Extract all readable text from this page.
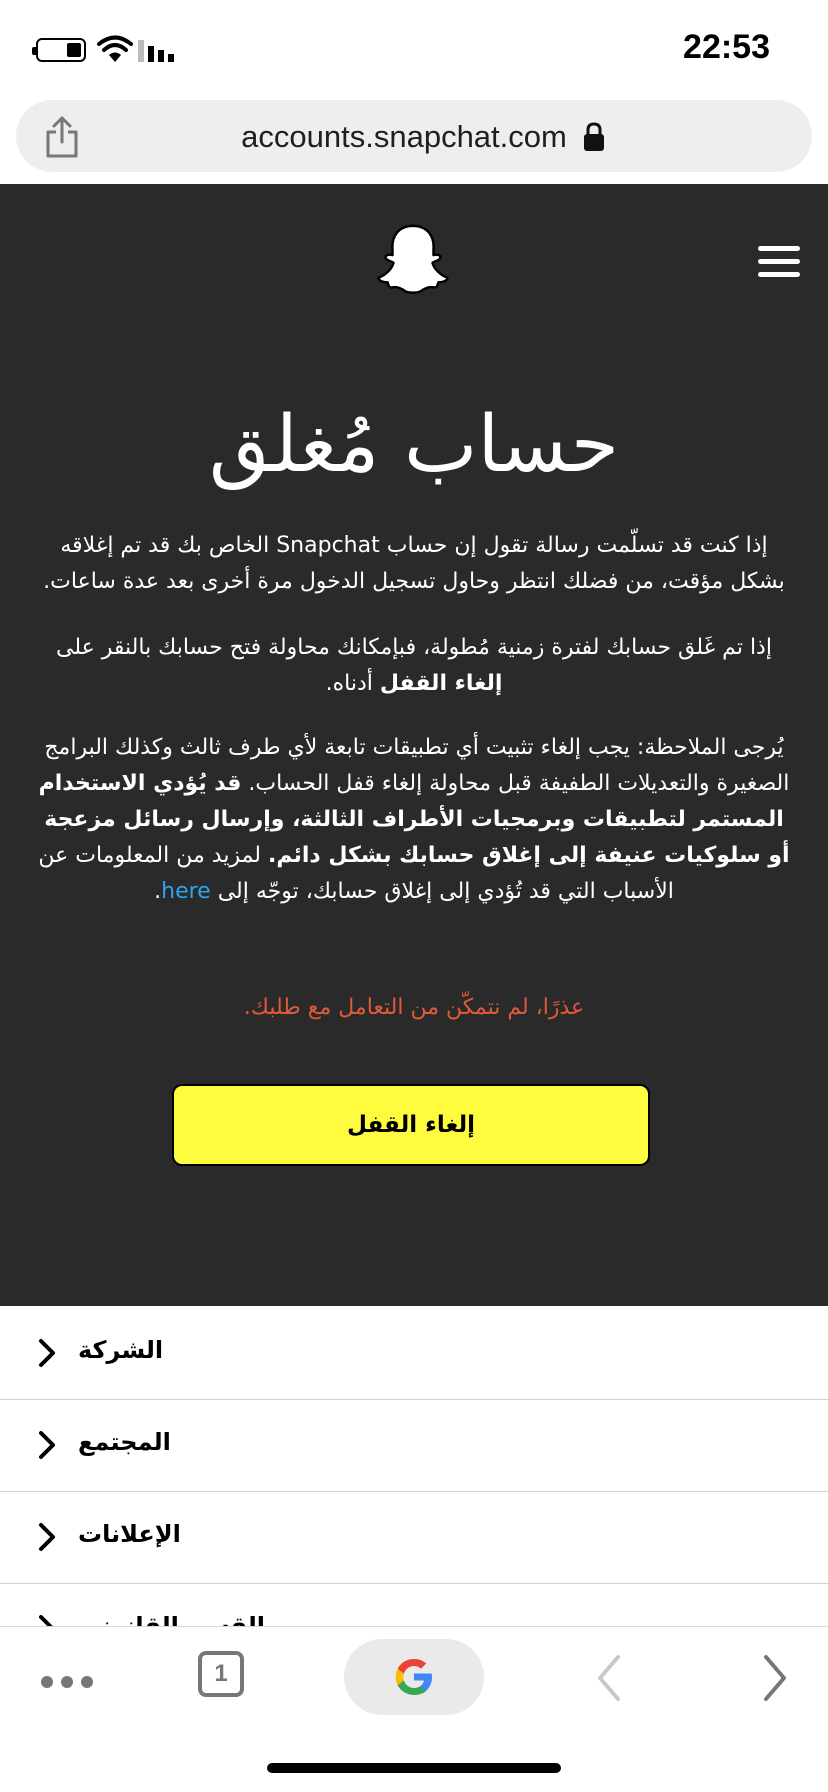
22:53
accounts.snapchat.com
حساب مُغلق
إذا كنت قد تسلّمت رسالة تقول إن حساب Snapchat الخاص بك قد تم إغلاقه بشكل مؤقت، من فضلك انتظر وحاول تسجيل الدخول مرة أخرى بعد عدة ساعات.
إذا تم غَلق حسابك لفترة زمنية مُطولة، فبإمكانك محاولة فتح حسابك بالنقر على إلغاء القفل أدناه.
يُرجى الملاحظة: يجب إلغاء تثبيت أي تطبيقات تابعة لأي طرف ثالث وكذلك البرامج الصغيرة والتعديلات الطفيفة قبل محاولة إلغاء قفل الحساب. قد يُؤدي الاستخدام المستمر لتطبيقات وبرمجيات الأطراف الثالثة، وإرسال رسائل مزعجة أو سلوكيات عنيفة إلى إغلاق حسابك بشكل دائم. لمزيد من المعلومات عن الأسباب التي قد تُؤدي إلى إغلاق حسابك، توجّه إلى here.
عذرًا، لم نتمكّن من التعامل مع طلبك.
إلغاء القفل
الشركة
المجتمع
الإعلانات
1
